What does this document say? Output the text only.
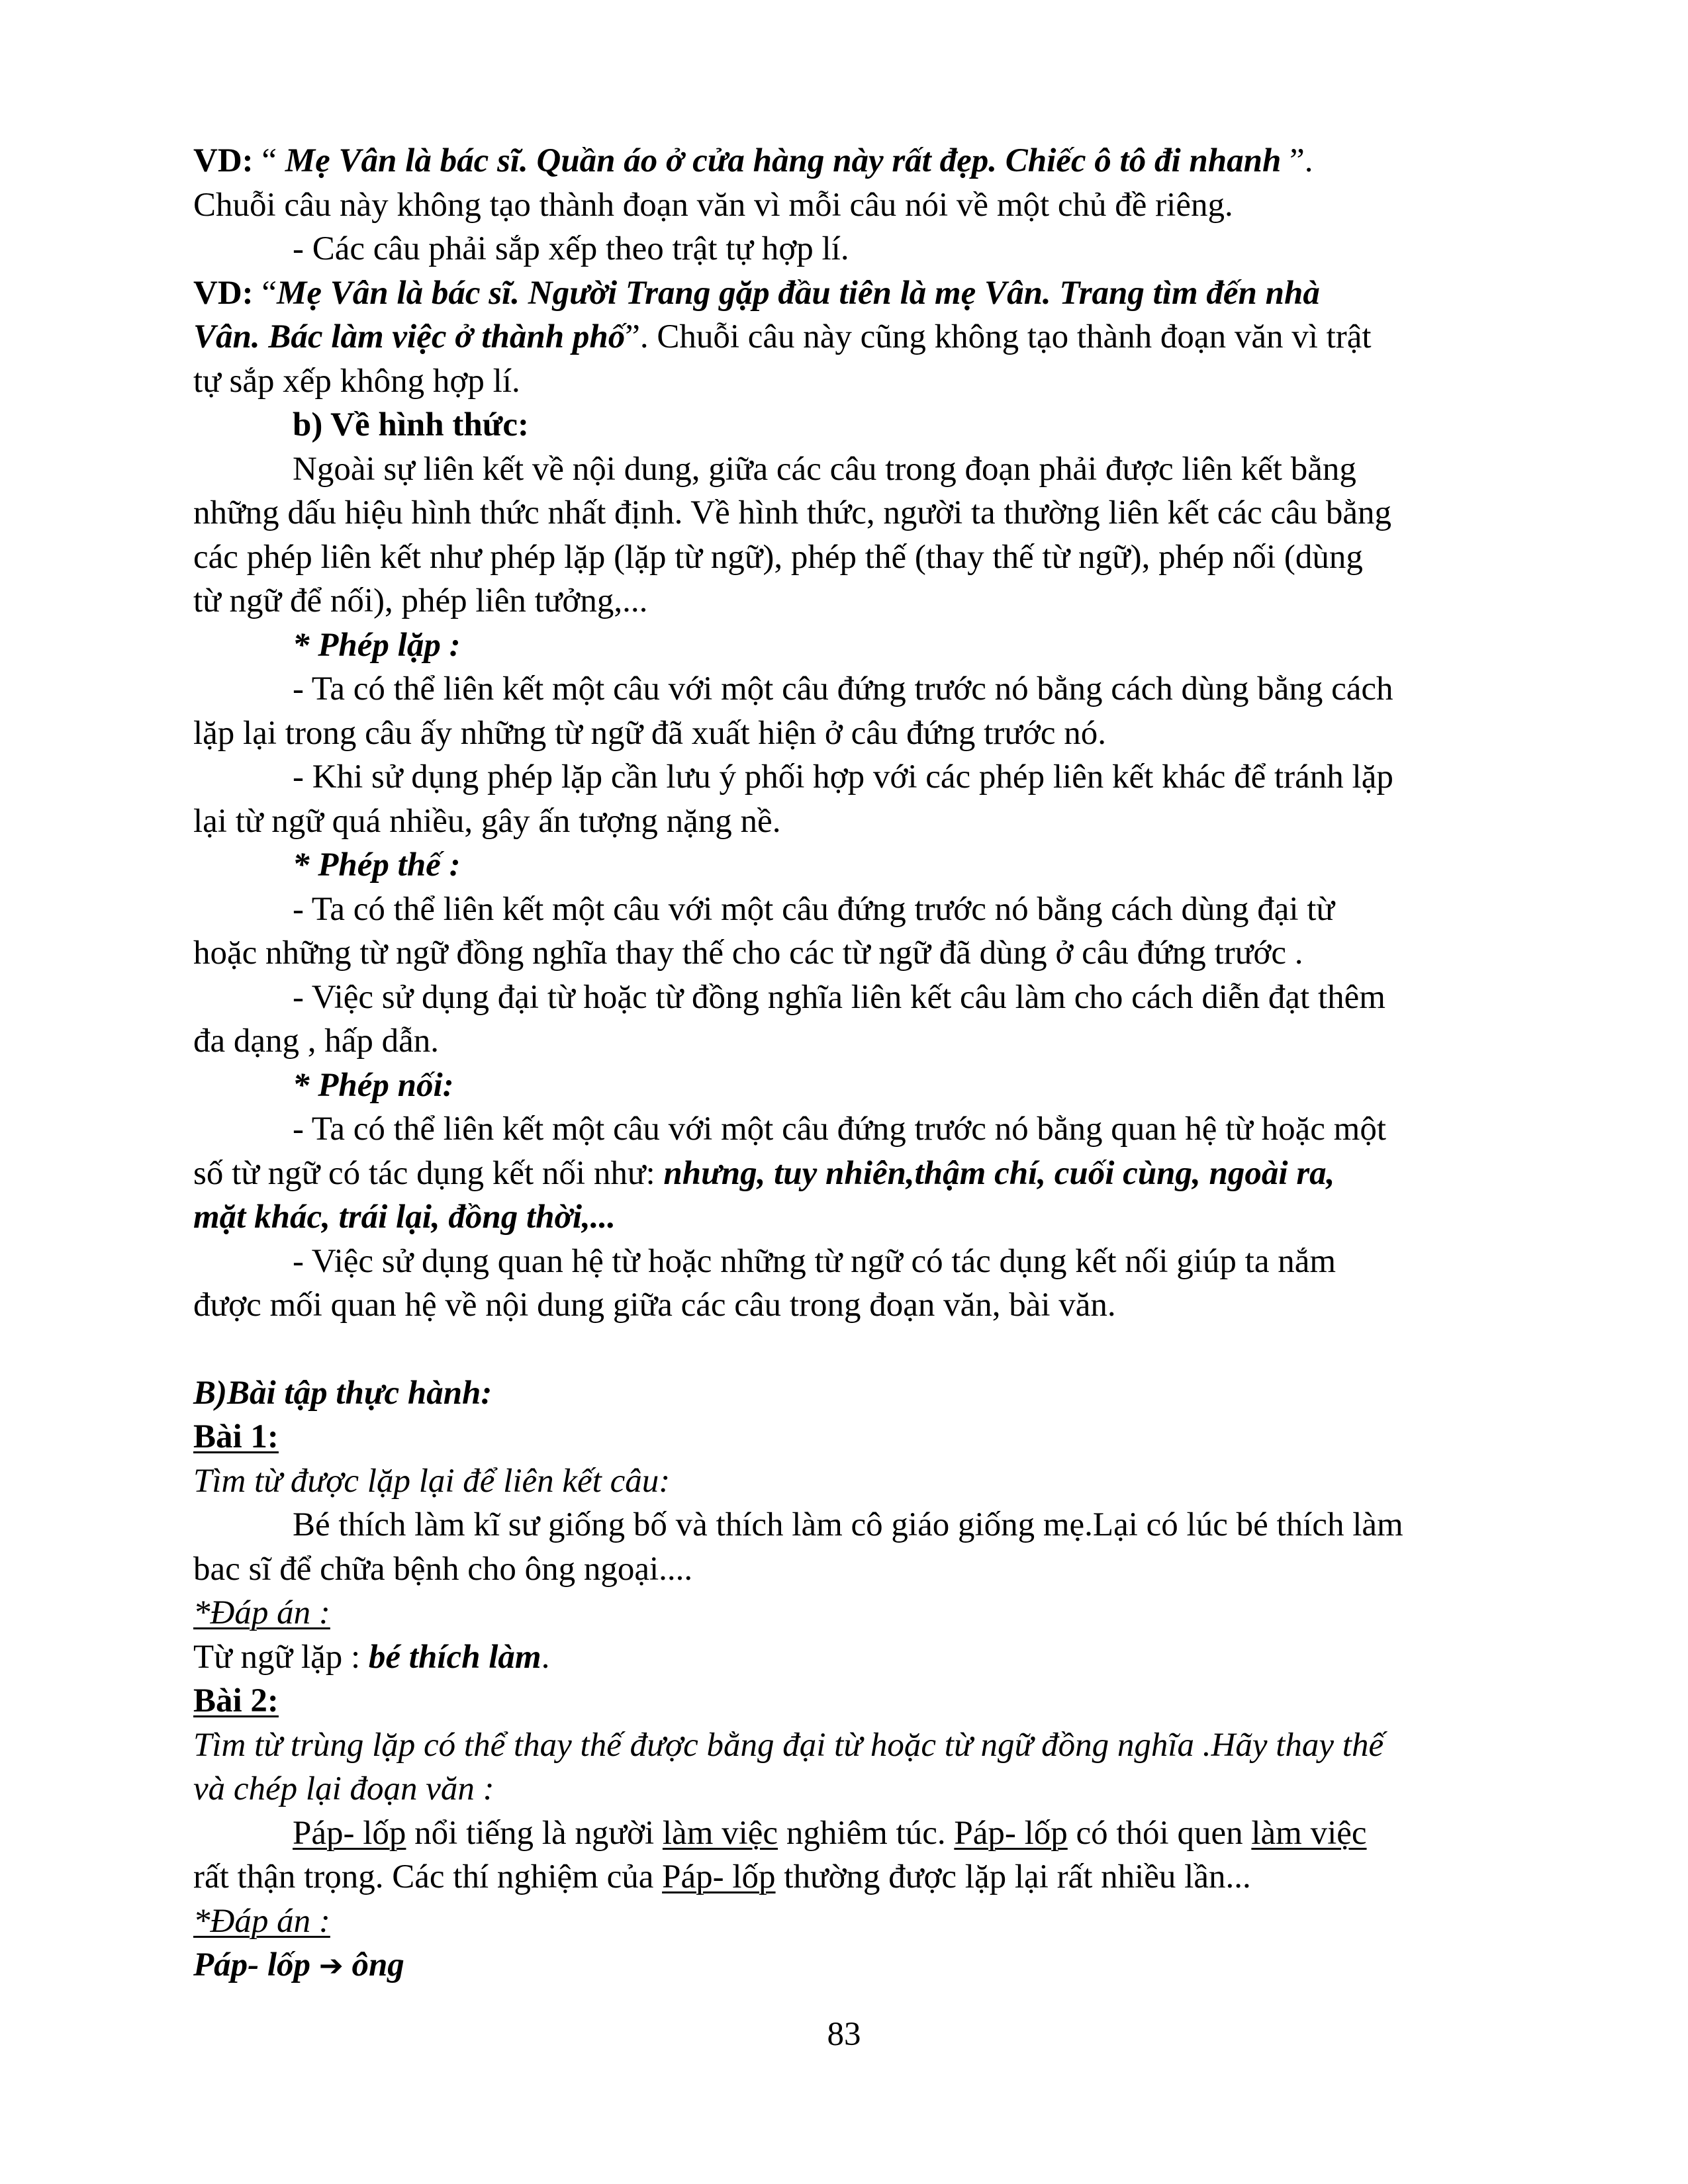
VD: “ Mẹ Vân là bác sĩ. Quần áo ở cửa hàng này rất đẹp. Chiếc ô tô đi nhanh ”.
Chuỗi câu này không tạo thành đoạn văn vì mỗi câu nói về một chủ đề riêng.

- Các câu phải sắp xếp theo trật tự hợp lí.

VD: “Mẹ Vân là bác sĩ. Người Trang gặp đầu tiên là mẹ Vân. Trang tìm đến nhà
Vân. Bác làm việc ở thành phố”. Chuỗi câu này cũng không tạo thành đoạn văn vì trật
tự sắp xếp không hợp lí.

b) Về hình thức:

Ngoài sự liên kết về nội dung, giữa các câu trong đoạn phải được liên kết bằng

những dấu hiệu hình thức nhất định. Về hình thức, người ta thường liên kết các câu bằng
các phép liên kết như phép lặp (lặp từ ngữ), phép thế (thay thế từ ngữ), phép nối (dùng
từ ngữ để nối), phép liên tưởng,...

* Phép lặp :

- Ta có thể liên kết một câu với một câu đứng trước nó bằng cách dùng bằng cách

lặp lại trong câu ấy những từ ngữ đã xuất hiện ở câu đứng trước nó.

- Khi sử dụng phép lặp cần lưu ý phối hợp với các phép liên kết khác để tránh lặp

lại từ ngữ quá nhiều, gây ấn tượng nặng nề.

* Phép thế :

- Ta có thể liên kết một câu với một câu đứng trước nó bằng cách dùng đại từ

hoặc những từ ngữ đồng nghĩa thay thế cho các từ ngữ đã dùng ở câu đứng trước .

- Việc sử dụng đại từ hoặc từ đồng nghĩa liên kết câu làm cho cách diễn đạt thêm

đa dạng , hấp dẫn.

* Phép nối:

- Ta có thể liên kết một câu với một câu đứng trước nó bằng quan hệ từ hoặc một

số từ ngữ có tác dụng kết nối như: nhưng, tuy nhiên,thậm chí, cuối cùng, ngoài ra,
mặt khác, trái lại, đồng thời,...

- Việc sử dụng quan hệ từ hoặc những từ ngữ có tác dụng kết nối giúp ta nắm

được mối quan hệ về nội dung giữa các câu trong đoạn văn, bài văn.

B)Bài tập thực hành:

Bài 1:

Tìm từ được lặp lại để liên kết câu:

Bé thích làm kĩ sư giống bố và thích làm cô giáo giống mẹ.Lại có lúc bé thích làm

bac sĩ để chữa bệnh cho ông ngoại....

*Đáp án :

Từ ngữ lặp : bé thích làm.

Bài 2:

Tìm từ trùng lặp có thể thay thế được bằng đại từ hoặc từ ngữ đồng nghĩa .Hãy thay thế
và chép lại đoạn văn :

Páp- lốp nổi tiếng là người làm việc nghiêm túc. Páp- lốp có thói quen làm việc

rất thận trọng. Các thí nghiệm của Páp- lốp thường được lặp lại rất nhiều lần...

*Đáp án :

Páp- lốp ➔ ông

83
